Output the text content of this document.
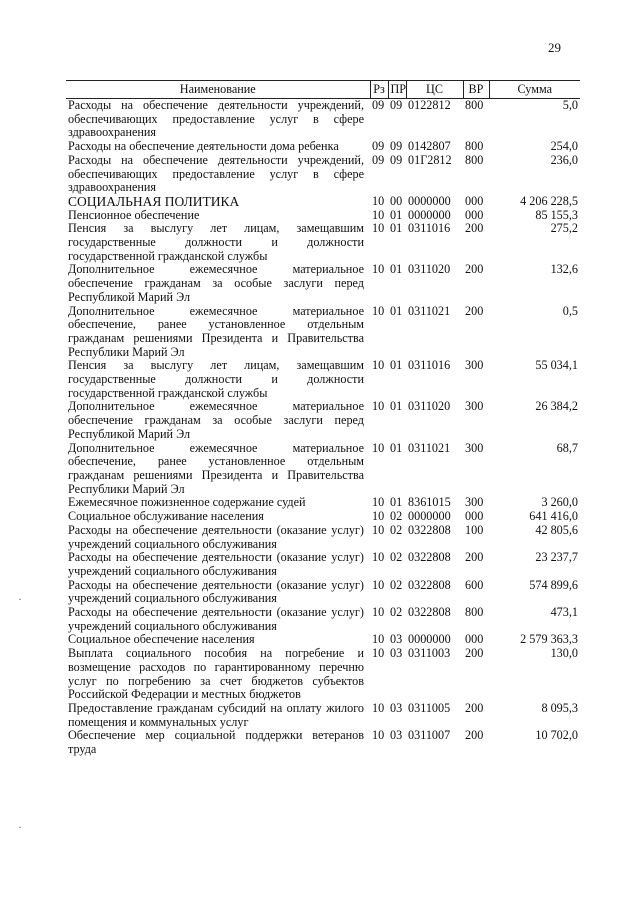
29
Наименование	Рз	ПР	ЦС	ВР	Сумма
Расходы на обеспечение деятельности учреждений, обеспечивающих предоставление услуг в сфере здравоохранения	09	09	0122812	800	5,0
Расходы на обеспечение деятельности дома ребенка	09	09	0142807	800	254,0
Расходы на обеспечение деятельности учреждений, обеспечивающих предоставление услуг в сфере здравоохранения	09	09	01Г2812	800	236,0
СОЦИАЛЬНАЯ ПОЛИТИКА	10	00	0000000	000	4 206 228,5
Пенсионное обеспечение	10	01	0000000	000	85 155,3
Пенсия за выслугу лет лицам, замещавшим государственные должности и должности государственной гражданской службы	10	01	0311016	200	275,2
Дополнительное ежемесячное материальное обеспечение гражданам за особые заслуги перед Республикой Марий Эл	10	01	0311020	200	132,6
Дополнительное ежемесячное материальное обеспечение, ранее установленное отдельным гражданам решениями Президента и Правительства Республики Марий Эл	10	01	0311021	200	0,5
Пенсия за выслугу лет лицам, замещавшим государственные должности и должности государственной гражданской службы	10	01	0311016	300	55 034,1
Дополнительное ежемесячное материальное обеспечение гражданам за особые заслуги перед Республикой Марий Эл	10	01	0311020	300	26 384,2
Дополнительное ежемесячное материальное обеспечение, ранее установленное отдельным гражданам решениями Президента и Правительства Республики Марий Эл	10	01	0311021	300	68,7
Ежемесячное пожизненное содержание судей	10	01	8361015	300	3 260,0
Социальное обслуживание населения	10	02	0000000	000	641 416,0
Расходы на обеспечение деятельности (оказание услуг) учреждений социального обслуживания	10	02	0322808	100	42 805,6
Расходы на обеспечение деятельности (оказание услуг) учреждений социального обслуживания	10	02	0322808	200	23 237,7
Расходы на обеспечение деятельности (оказание услуг) учреждений социального обслуживания	10	02	0322808	600	574 899,6
Расходы на обеспечение деятельности (оказание услуг) учреждений социального обслуживания	10	02	0322808	800	473,1
Социальное обеспечение населения	10	03	0000000	000	2 579 363,3
Выплата социального пособия на погребение и возмещение расходов по гарантированному перечню услуг по погребению за счет бюджетов субъектов Российской Федерации и местных бюджетов	10	03	0311003	200	130,0
Предоставление гражданам субсидий на оплату жилого помещения и коммунальных услуг	10	03	0311005	200	8 095,3
Обеспечение мер социальной поддержки ветеранов труда	10	03	0311007	200	10 702,0
·
·
